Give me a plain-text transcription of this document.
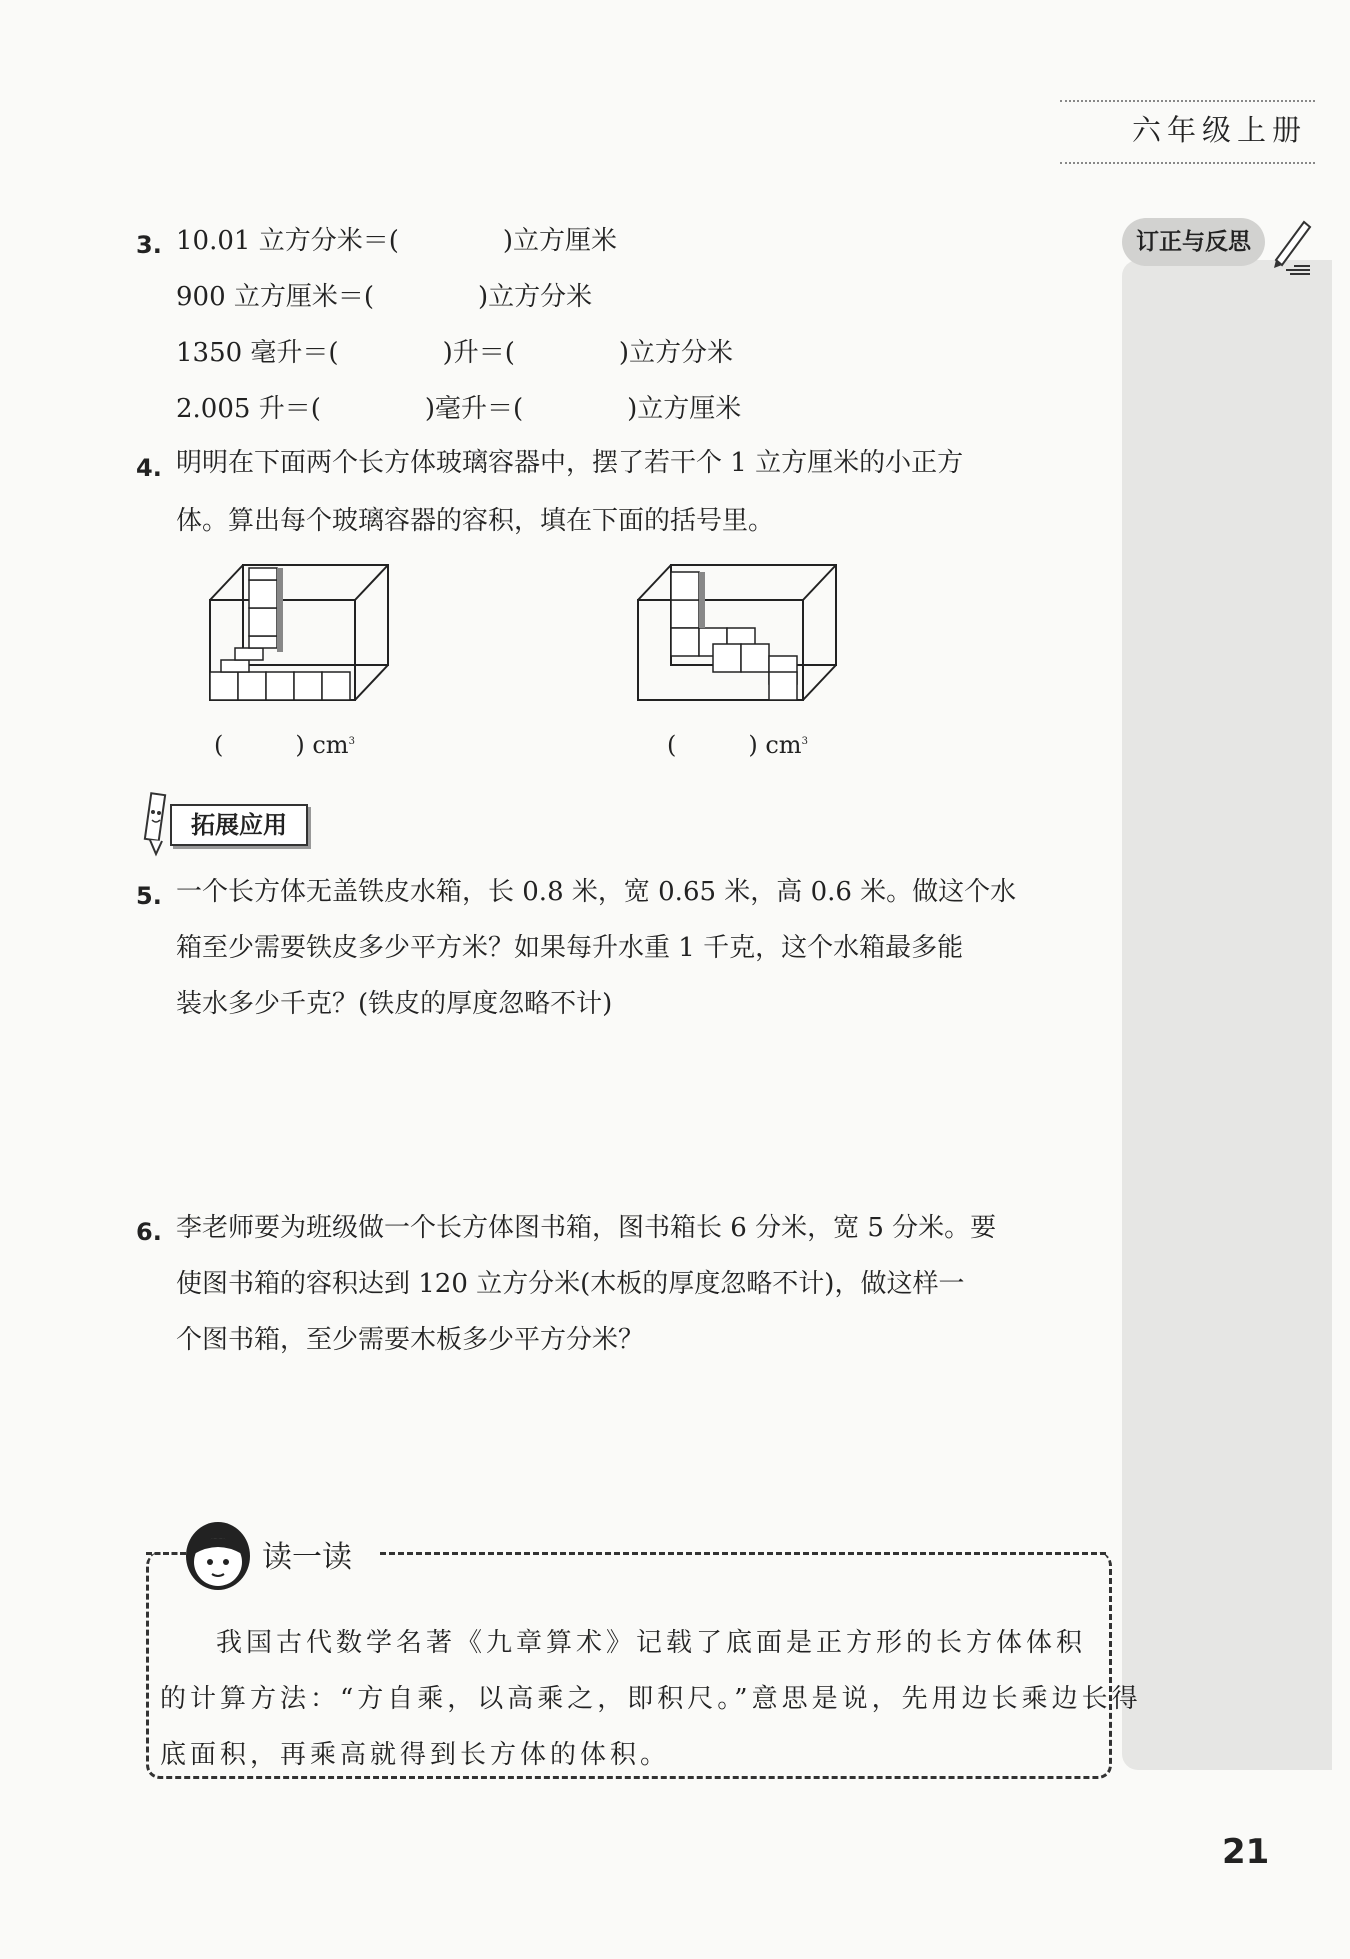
六年级上册
订正与反思
3. 10.01 立方分米＝(　　　　)立方厘米
900 立方厘米＝(　　　　)立方分米
1350 毫升＝(　　　　)升＝(　　　　)立方分米
2.005 升＝(　　　　)毫升＝(　　　　)立方厘米
4. 明明在下面两个长方体玻璃容器中，摆了若干个 1 立方厘米的小正方
体。算出每个玻璃容器的容积，填在下面的括号里。
(　　　) $cm^3$	(　　　) $cm^3$
拓展应用
5. 一个长方体无盖铁皮水箱，长 0.8 米，宽 0.65 米，高 0.6 米。做这个水
箱至少需要铁皮多少平方米？如果每升水重 1 千克，这个水箱最多能
装水多少千克？(铁皮的厚度忽略不计)
6. 李老师要为班级做一个长方体图书箱，图书箱长 6 分米，宽 5 分米。要
使图书箱的容积达到 120 立方分米(木板的厚度忽略不计)，做这样一
个图书箱，至少需要木板多少平方分米？
读一读
我国古代数学名著《九章算术》记载了底面是正方形的长方体体积
的计算方法：“方自乘，以高乘之，即积尺。”意思是说，先用边长乘边长得
底面积，再乘高就得到长方体的体积。
21
